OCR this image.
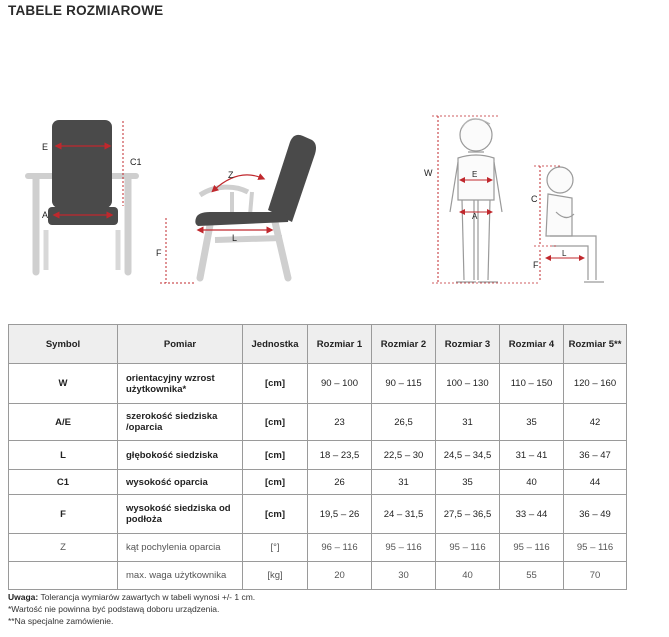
TABELE ROZMIAROWE
E
C1
A
Z
L
F
W	E
A
C
F
L
Symbol	Pomiar	Jednostka	Rozmiar 1	Rozmiar 2	Rozmiar 3	Rozmiar 4	Rozmiar 5**
W	orientacyjny wzrost użytkownika*	[cm]	90 – 100	90 – 115	100 – 130	110 – 150	120 – 160
A/E	szerokość siedziska /oparcia	[cm]	23	26,5	31	35	42
L	głębokość siedziska	[cm]	18 – 23,5	22,5 – 30	24,5 – 34,5	31 – 41	36 – 47
C1	wysokość oparcia	[cm]	26	31	35	40	44
F	wysokość siedziska od podłoża	[cm]	19,5 – 26	24 – 31,5	27,5 – 36,5	33 – 44	36 – 49
Z	kąt pochylenia oparcia	[°]	96 – 116	95 – 116	95 – 116	95 – 116	95 – 116
	max. waga użytkownika	[kg]	20	30	40	55	70
Uwaga: Tolerancja wymiarów zawartych w tabeli wynosi +/- 1 cm.
*Wartość nie powinna być podstawą doboru urządzenia.
**Na specjalne zamówienie.
